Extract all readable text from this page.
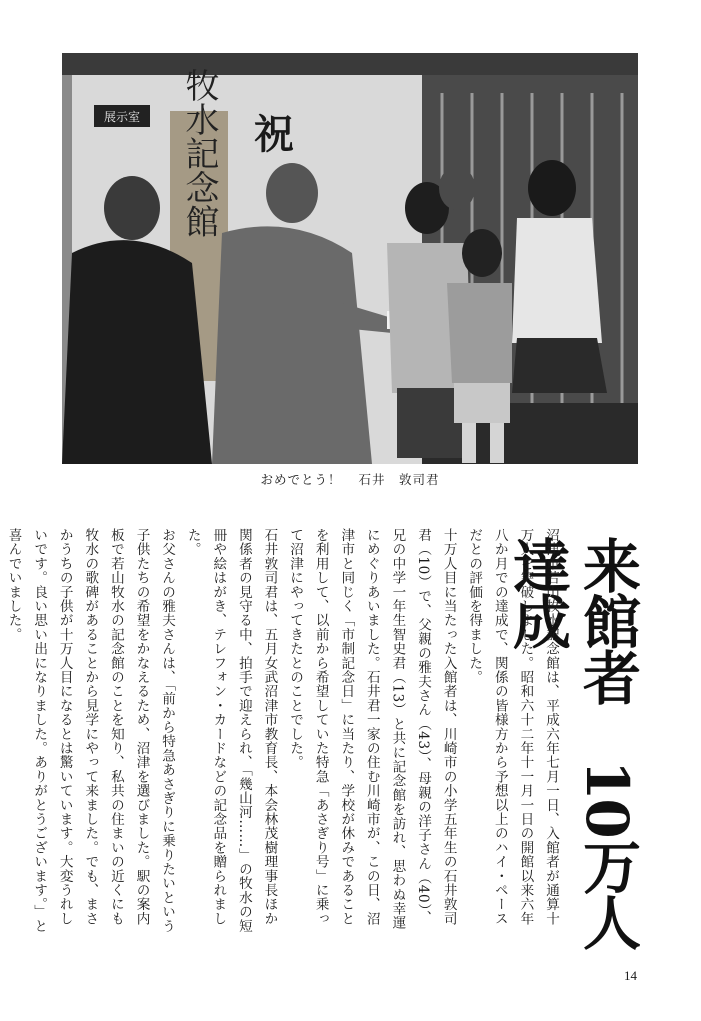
展示室 牧水記念館 祝
おめでとう！ 石井　敦司君
来館者　10万人達成

沼津市若山牧水記念館は、平成六年七月一日、入館者が通算十万人を突破しました。昭和六十二年十一月一日の開館以来六年八か月での達成で、関係の皆様方から予想以上のハイ・ペースだとの評価を得ました。

十万人目に当たった入館者は、川崎市の小学五年生の石井敦司君（10）で、父親の雅夫さん（43）、母親の洋子さん（40）、兄の中学一年生智史君（13）と共に記念館を訪れ、思わぬ幸運にめぐりあいました。石井君一家の住む川崎市が、この日、沼津市と同じく「市制記念日」に当たり、学校が休みであることを利用して、以前から希望していた特急「あさぎり号」に乗って沼津にやってきたとのことでした。

石井敦司君は、五月女武沼津市教育長、本会林茂樹理事長ほか関係者の見守る中、拍手で迎えられ、「幾山河……」の牧水の短冊や絵はがき、テレフォン・カードなどの記念品を贈られました。

お父さんの雅夫さんは、「前から特急あさぎりに乗りたいという子供たちの希望をかなえるため、沼津を選びました。駅の案内板で若山牧水の記念館のことを知り、私共の住まいの近くにも牧水の歌碑があることから見学にやって来ました。でも、まさかうちの子供が十万人目になるとは驚いています。大変うれしいです。良い思い出になりました。ありがとうございます。」と喜んでいました。

14
